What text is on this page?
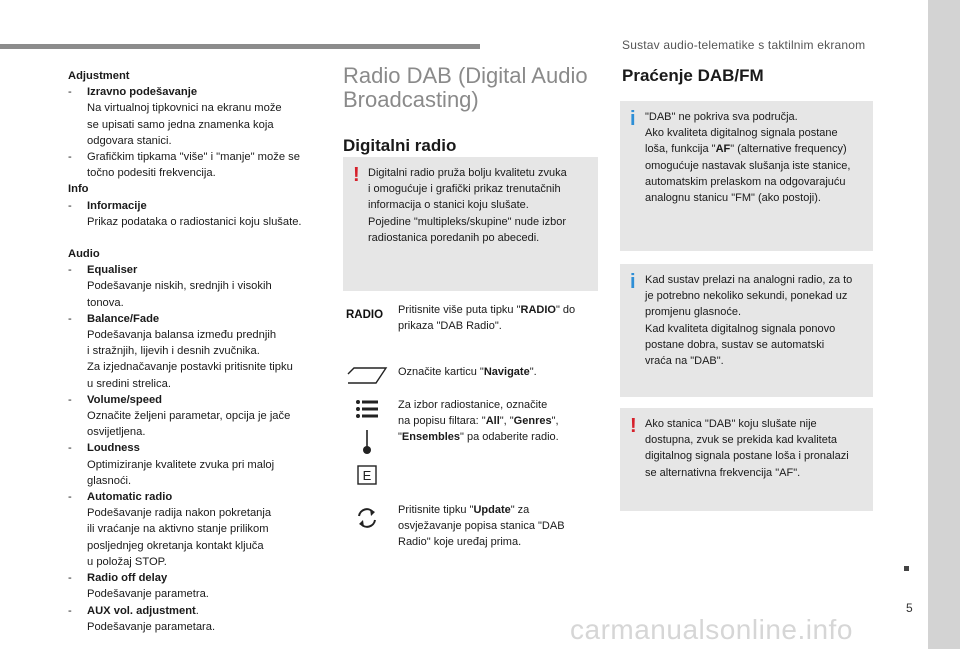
Sustav audio-telematike s taktilnim ekranom
5
carmanualsonline.info
Adjustment
-	Izravno podešavanje
Na virtualnoj tipkovnici na ekranu može
se upisati samo jedna znamenka koja
odgovara stanici.
-	Grafičkim tipkama "više" i "manje" može se
točno podesiti frekvencija.
Info
-	Informacije
Prikaz podataka o radiostanici koju slušate.
Audio
-	Equaliser
Podešavanje niskih, srednjih i visokih
tonova.
-	Balance/Fade
Podešavanja balansa između prednjih
i stražnjih, lijevih i desnih zvučnika.
Za izjednačavanje postavki pritisnite tipku
u sredini strelica.
-	Volume/speed
Označite željeni parametar, opcija je jače
osvijetljena.
-	Loudness
Optimiziranje kvalitete zvuka pri maloj
glasnoći.
-	Automatic radio
Podešavanje radija nakon pokretanja
ili vraćanje na aktivno stanje prilikom
posljednjeg okretanja kontakt ključa
u položaj STOP.
-	Radio off delay
Podešavanje parametra.
-	AUX vol. adjustment.
Podešavanje parametara.
Radio DAB (Digital Audio
Broadcasting)
Digitalni radio
! Digitalni radio pruža bolju kvalitetu zvuka
i omogućuje i grafički prikaz trenutačnih
informacija o stanici koju slušate.
Pojedine "multipleks/skupine" nude izbor
radiostanica poredanih po abecedi.
RADIO Pritisnite više puta tipku "RADIO" do
prikaza "DAB Radio".
Označite karticu "Navigate".
E
Za izbor radiostanice, označite
na popisu filtara: "All", "Genres",
"Ensembles" pa odaberite radio.
Pritisnite tipku "Update" za
osvježavanje popisa stanica "DAB
Radio" koje uređaj prima.
Praćenje DAB/FM
i "DAB" ne pokriva sva područja.
Ako kvaliteta digitalnog signala postane
loša, funkcija "AF" (alternative frequency)
omogućuje nastavak slušanja iste stanice,
automatskim prelaskom na odgovarajuću
analognu stanicu "FM" (ako postoji).
i Kad sustav prelazi na analogni radio, za to
je potrebno nekoliko sekundi, ponekad uz
promjenu glasnoće.
Kad kvaliteta digitalnog signala ponovo
postane dobra, sustav se automatski
vraća na "DAB".
! Ako stanica "DAB" koju slušate nije
dostupna, zvuk se prekida kad kvaliteta
digitalnog signala postane loša i pronalazi
se alternativna frekvencija "AF".
